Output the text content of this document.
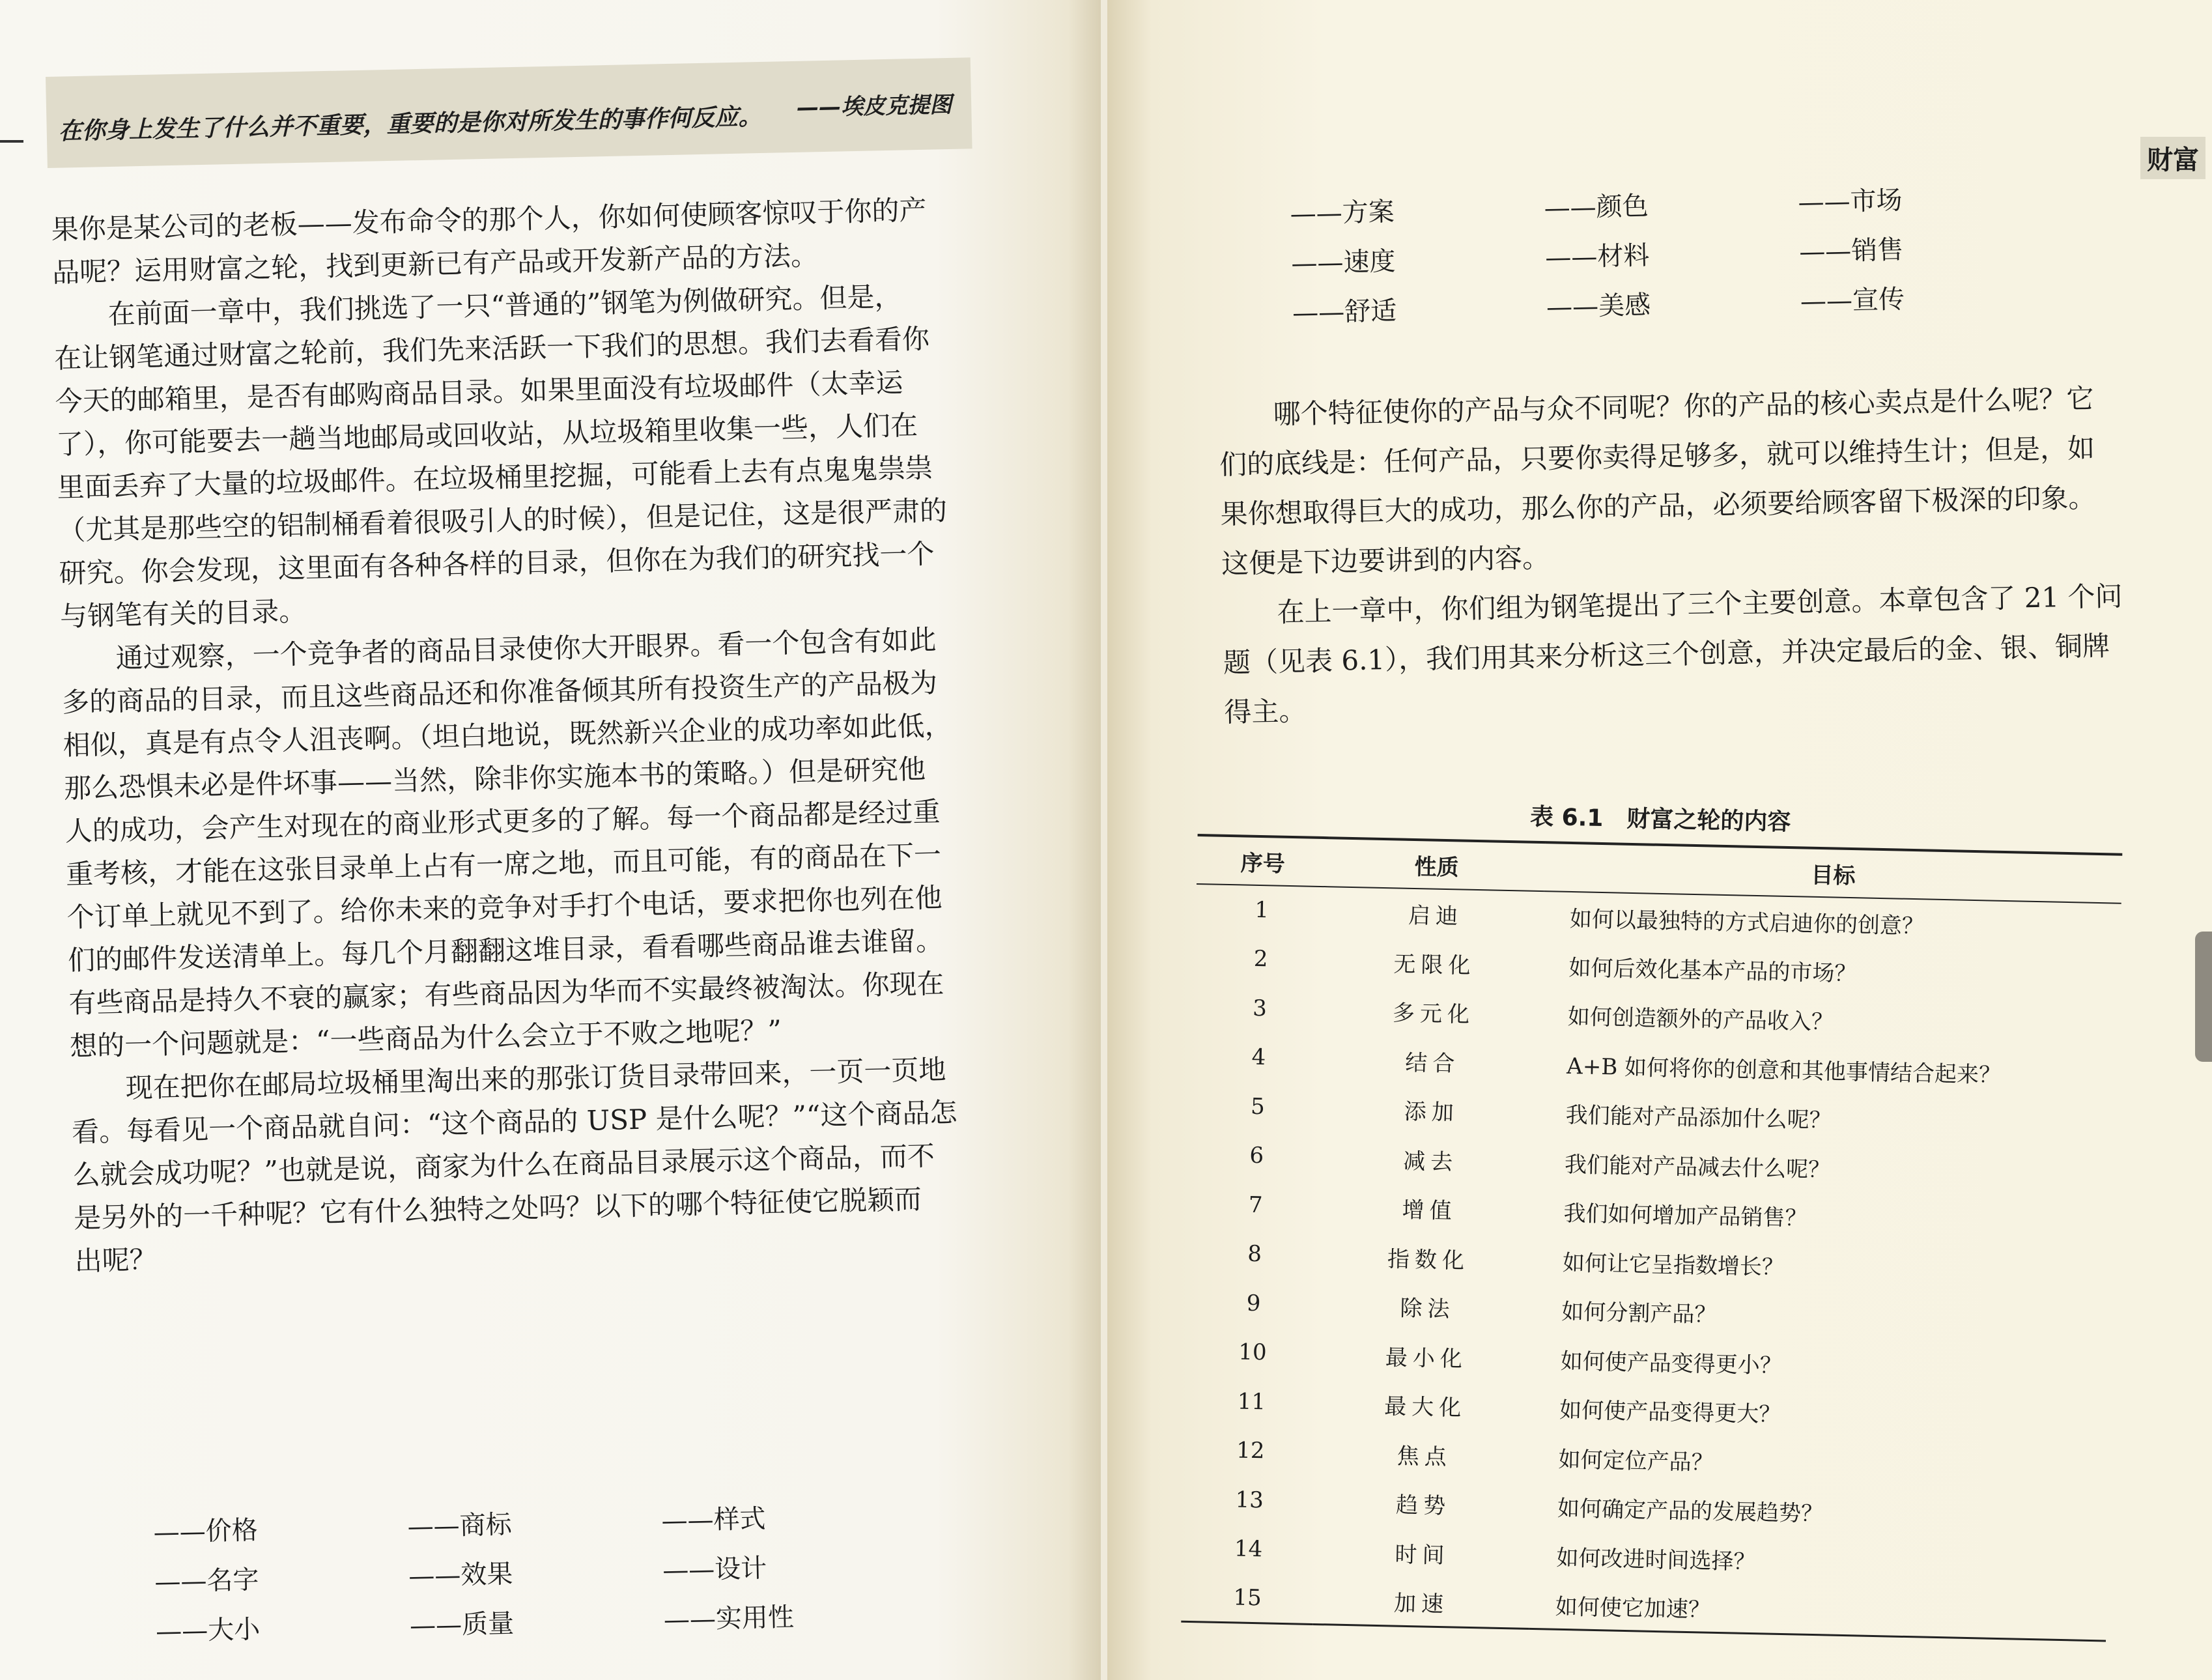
在你身上发生了什么并不重要，重要的是你对所发生的事作何反应。 ——埃皮克提图
果你是某公司的老板——发布命令的那个人，你如何使顾客惊叹于你的产
品呢？运用财富之轮，找到更新已有产品或开发新产品的方法。
在前面一章中，我们挑选了一只“普通的”钢笔为例做研究。但是，
在让钢笔通过财富之轮前，我们先来活跃一下我们的思想。我们去看看你
今天的邮箱里，是否有邮购商品目录。如果里面没有垃圾邮件（太幸运
了），你可能要去一趟当地邮局或回收站，从垃圾箱里收集一些，人们在
里面丢弃了大量的垃圾邮件。在垃圾桶里挖掘，可能看上去有点鬼鬼祟祟
（尤其是那些空的铝制桶看着很吸引人的时候），但是记住，这是很严肃的
研究。你会发现，这里面有各种各样的目录，但你在为我们的研究找一个
与钢笔有关的目录。
通过观察，一个竞争者的商品目录使你大开眼界。看一个包含有如此
多的商品的目录，而且这些商品还和你准备倾其所有投资生产的产品极为
相似，真是有点令人沮丧啊。（坦白地说，既然新兴企业的成功率如此低，
那么恐惧未必是件坏事——当然，除非你实施本书的策略。）但是研究他
人的成功，会产生对现在的商业形式更多的了解。每一个商品都是经过重
重考核，才能在这张目录单上占有一席之地，而且可能，有的商品在下一
个订单上就见不到了。给你未来的竞争对手打个电话，要求把你也列在他
们的邮件发送清单上。每几个月翻翻这堆目录，看看哪些商品谁去谁留。
有些商品是持久不衰的赢家；有些商品因为华而不实最终被淘汰。你现在
想的一个问题就是：“一些商品为什么会立于不败之地呢？”
现在把你在邮局垃圾桶里淘出来的那张订货目录带回来，一页一页地
看。每看见一个商品就自问：“这个商品的 USP 是什么呢？”“这个商品怎
么就会成功呢？”也就是说，商家为什么在商品目录展示这个商品，而不
是另外的一千种呢？它有什么独特之处吗？以下的哪个特征使它脱颖而
出呢？
——价格	——商标	——样式
——名字	——效果	——设计
——大小	——质量	——实用性
财富
——方案	——颜色	——市场
——速度	——材料	——销售
——舒适	——美感	——宣传
哪个特征使你的产品与众不同呢？你的产品的核心卖点是什么呢？它
们的底线是：任何产品，只要你卖得足够多，就可以维持生计；但是，如
果你想取得巨大的成功，那么你的产品，必须要给顾客留下极深的印象。
这便是下边要讲到的内容。
在上一章中，你们组为钢笔提出了三个主要创意。本章包含了 21 个问
题（见表 6.1），我们用其来分析这三个创意，并决定最后的金、银、铜牌
得主。
表 6.1　财富之轮的内容
序号	性质	目标
1	启迪	如何以最独特的方式启迪你的创意？
2	无限化	如何后效化基本产品的市场？
3	多元化	如何创造额外的产品收入？
4	结合	A+B 如何将你的创意和其他事情结合起来？
5	添加	我们能对产品添加什么呢？
6	减去	我们能对产品减去什么呢？
7	增值	我们如何增加产品销售？
8	指数化	如何让它呈指数增长？
9	除法	如何分割产品？
10	最小化	如何使产品变得更小？
11	最大化	如何使产品变得更大？
12	焦点	如何定位产品？
13	趋势	如何确定产品的发展趋势？
14	时间	如何改进时间选择？
15	加速	如何使它加速？
